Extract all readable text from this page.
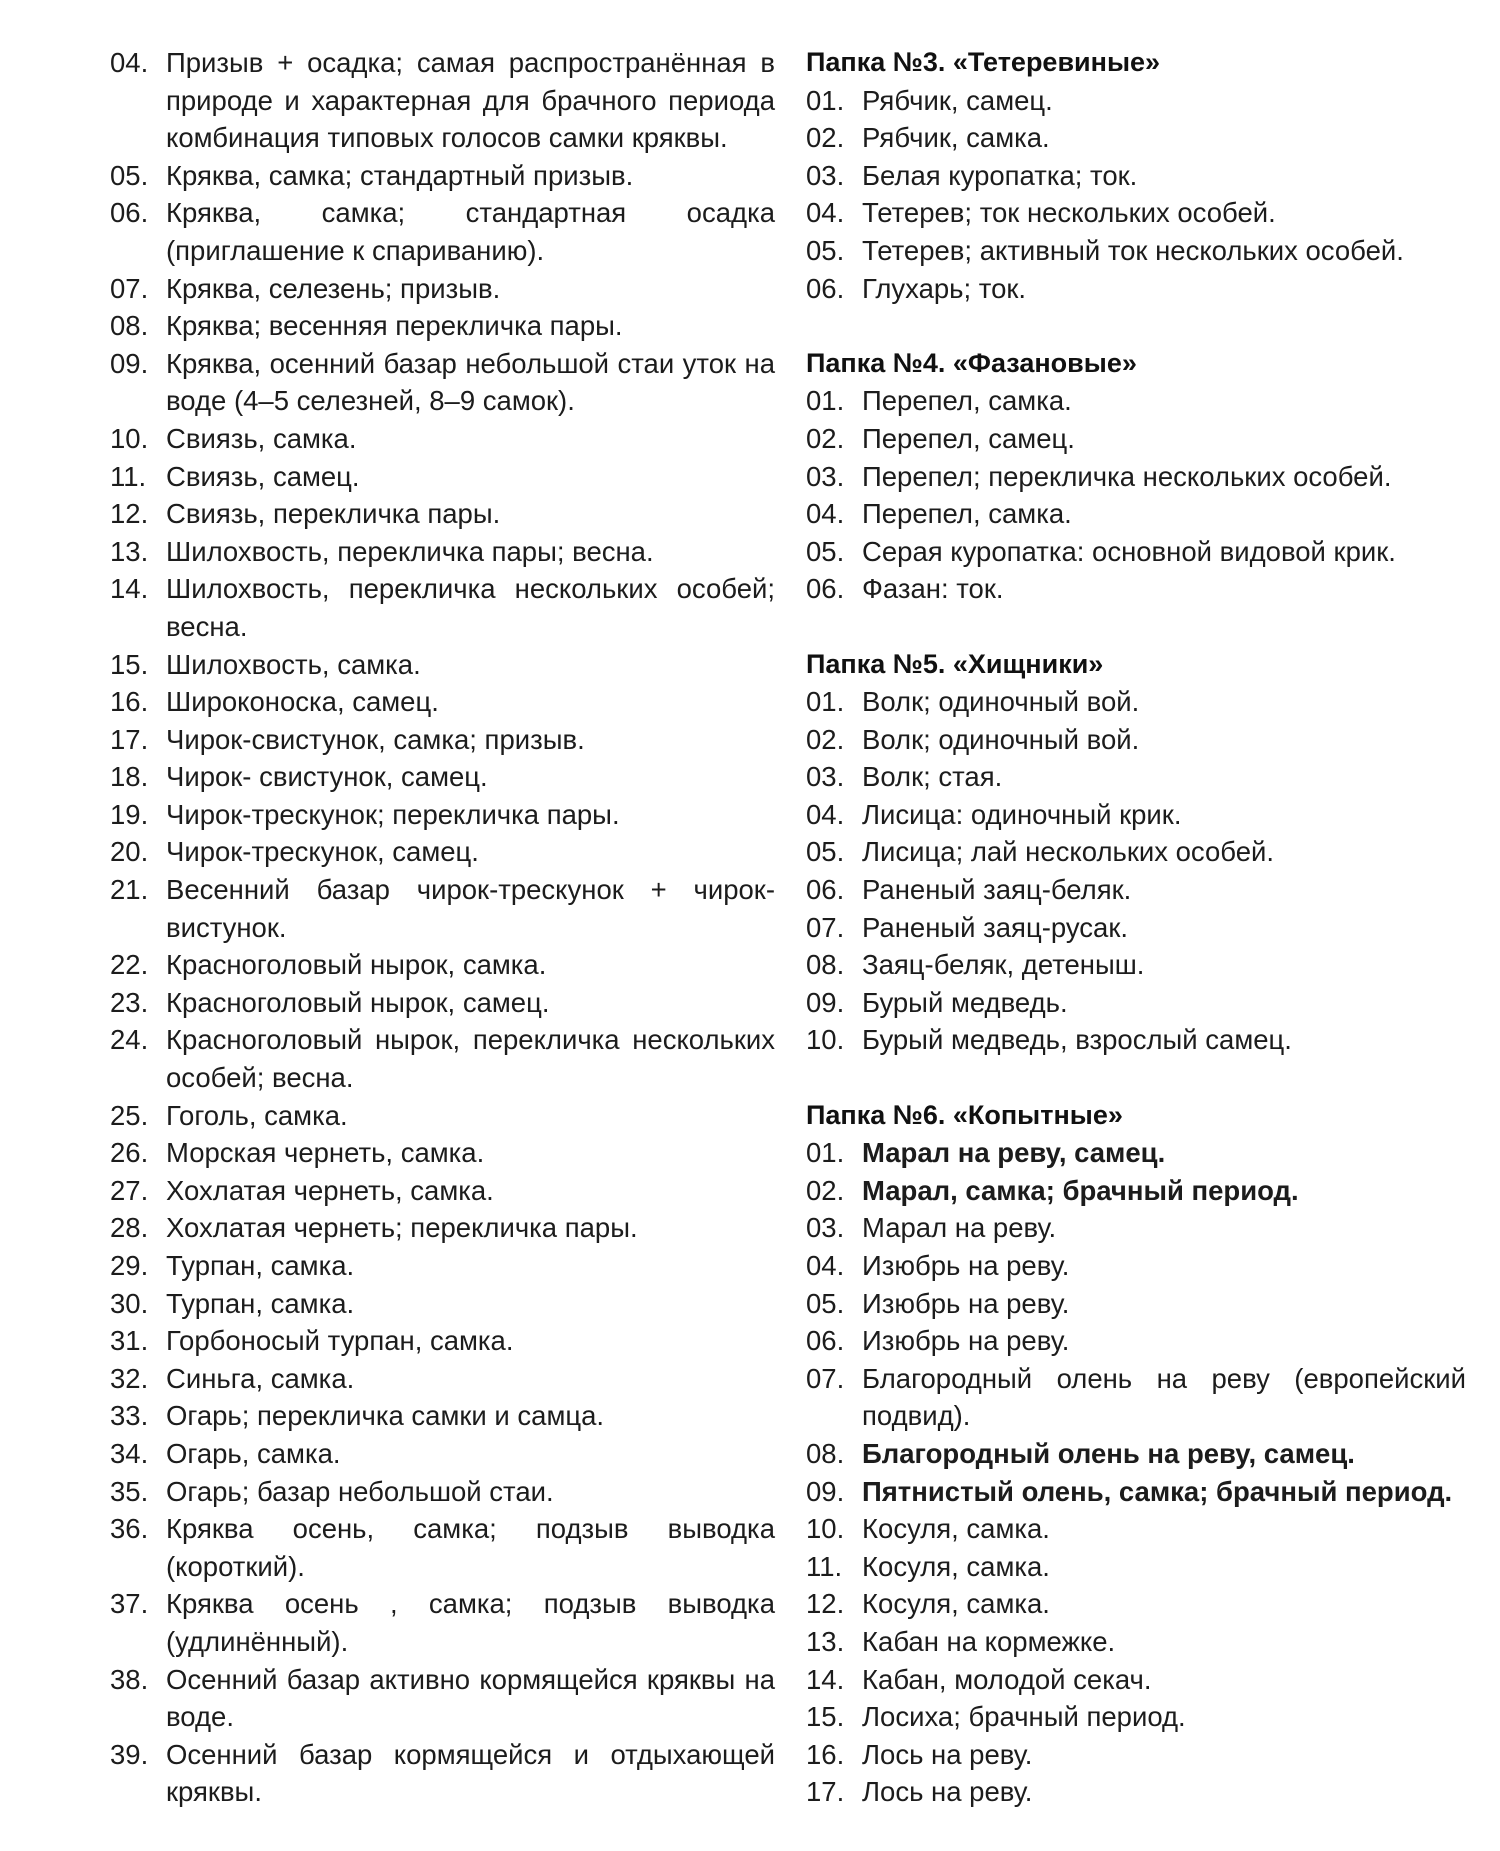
04. Призыв + осадка; самая распространённая в природе и характерная для брачного периода комбинация типовых голосов самки кряквы.
05. Кряква, самка; стандартный призыв.
06. Кряква, самка; стандартная осадка (приглашение к спариванию).
07. Кряква, селезень; призыв.
08. Кряква; весенняя перекличка пары.
09. Кряква, осенний базар небольшой стаи уток на воде (4–5 селезней, 8–9 самок).
10. Свиязь, самка.
11. Свиязь, самец.
12. Свиязь, перекличка пары.
13. Шилохвость, перекличка пары; весна.
14. Шилохвость, перекличка нескольких особей; весна.
15. Шилохвость, самка.
16. Широконоска, самец.
17. Чирок-свистунок, самка; призыв.
18. Чирок- свистунок, самец.
19. Чирок-трескунок; перекличка пары.
20. Чирок-трескунок, самец.
21. Весенний базар чирок-трескунок + чирок-вистунок.
22. Красноголовый нырок, самка.
23. Красноголовый нырок, самец.
24. Красноголовый нырок, перекличка нескольких особей; весна.
25. Гоголь, самка.
26. Морская чернеть, самка.
27. Хохлатая чернеть, самка.
28. Хохлатая чернеть; перекличка пары.
29. Турпан, самка.
30. Турпан, самка.
31. Горбоносый турпан, самка.
32. Синьга, самка.
33. Огарь; перекличка самки и самца.
34. Огарь, самка.
35. Огарь; базар небольшой стаи.
36. Кряква осень, самка; подзыв выводка (короткий).
37. Кряква осень , самка; подзыв выводка (удлинённый).
38. Осенний базар активно кормящейся кряквы на воде.
39. Осенний базар кормящейся и отдыхающей кряквы.
Папка №3. «Тетеревиные»
01. Рябчик, самец.
02. Рябчик, самка.
03. Белая куропатка; ток.
04. Тетерев; ток нескольких особей.
05. Тетерев; активный ток нескольких особей.
06. Глухарь; ток.
Папка №4. «Фазановые»
01. Перепел, самка.
02. Перепел, самец.
03. Перепел; перекличка нескольких особей.
04. Перепел, самка.
05. Серая куропатка: основной видовой крик.
06. Фазан: ток.
Папка №5. «Хищники»
01. Волк; одиночный вой.
02. Волк; одиночный вой.
03. Волк; стая.
04. Лисица: одиночный крик.
05. Лисица; лай нескольких особей.
06. Раненый заяц-беляк.
07. Раненый заяц-русак.
08. Заяц-беляк, детеныш.
09. Бурый медведь.
10. Бурый медведь, взрослый самец.
Папка №6. «Копытные»
01. Марал на реву, самец.
02. Марал, самка; брачный период.
03. Марал на реву.
04. Изюбрь на реву.
05. Изюбрь на реву.
06. Изюбрь на реву.
07. Благородный олень на реву (европейский подвид).
08. Благородный олень на реву, самец.
09. Пятнистый олень, самка; брачный период.
10. Косуля, самка.
11. Косуля, самка.
12. Косуля, самка.
13. Кабан на кормежке.
14. Кабан, молодой секач.
15. Лосиха; брачный период.
16. Лось на реву.
17. Лось на реву.
